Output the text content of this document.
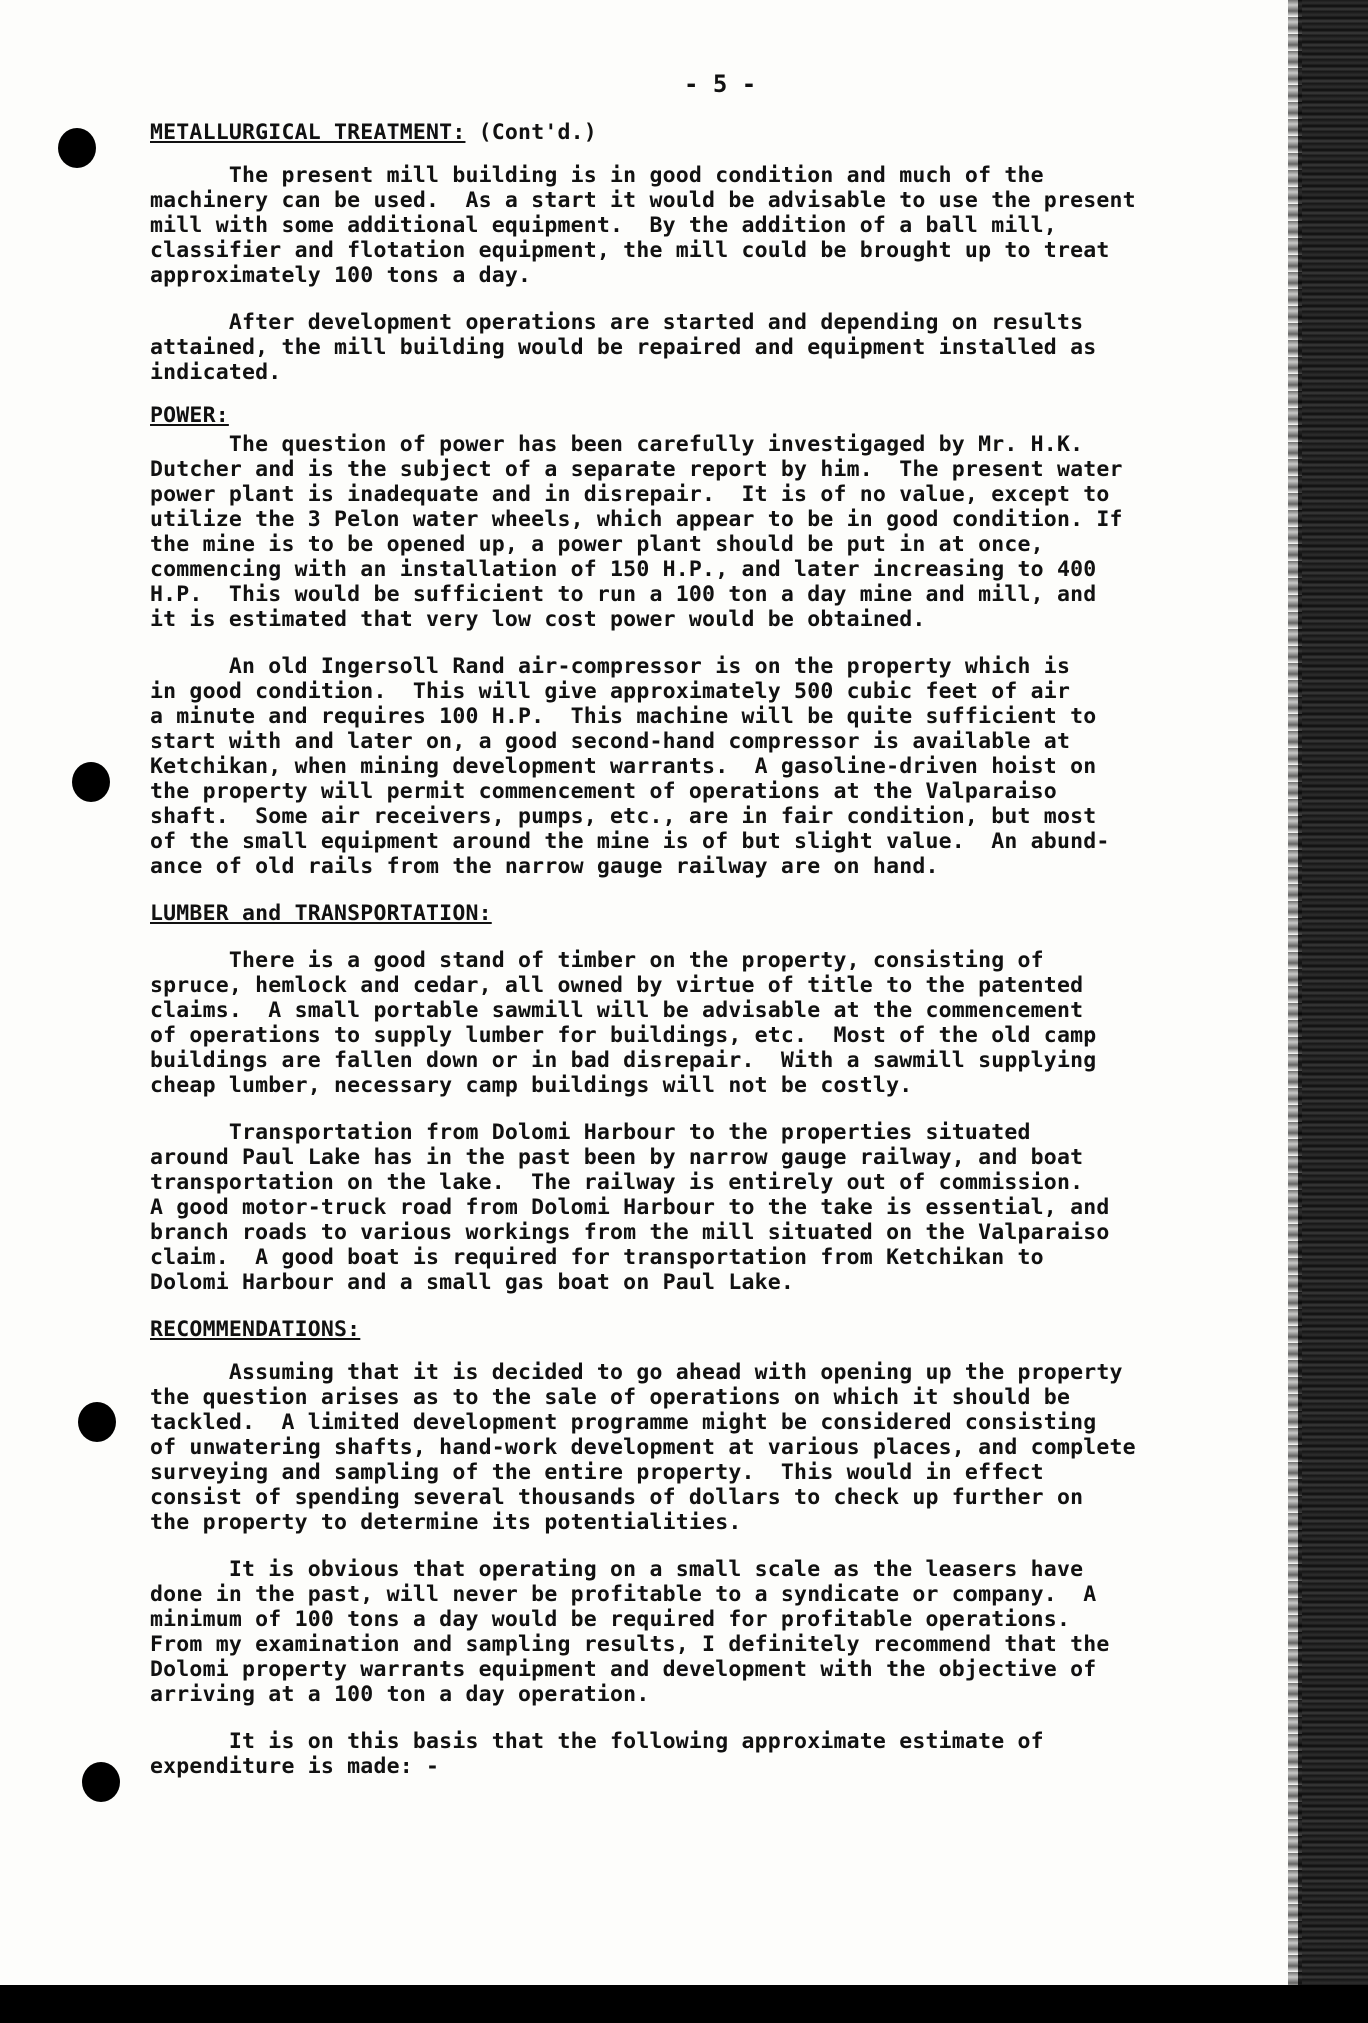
- 5 -

METALLURGICAL TREATMENT: (Cont'd.)

The present mill building is in good condition and much of the
machinery can be used.  As a start it would be advisable to use the present
mill with some additional equipment.  By the addition of a ball mill,
classifier and flotation equipment, the mill could be brought up to treat
approximately 100 tons a day.

After development operations are started and depending on results
attained, the mill building would be repaired and equipment installed as
indicated.

POWER:

The question of power has been carefully investigaged by Mr. H.K.
Dutcher and is the subject of a separate report by him.  The present water
power plant is inadequate and in disrepair.  It is of no value, except to
utilize the 3 Pelon water wheels, which appear to be in good condition. If
the mine is to be opened up, a power plant should be put in at once,
commencing with an installation of 150 H.P., and later increasing to 400
H.P.  This would be sufficient to run a 100 ton a day mine and mill, and
it is estimated that very low cost power would be obtained.

An old Ingersoll Rand air-compressor is on the property which is
in good condition.  This will give approximately 500 cubic feet of air
a minute and requires 100 H.P.  This machine will be quite sufficient to
start with and later on, a good second-hand compressor is available at
Ketchikan, when mining development warrants.  A gasoline-driven hoist on
the property will permit commencement of operations at the Valparaiso
shaft.  Some air receivers, pumps, etc., are in fair condition, but most
of the small equipment around the mine is of but slight value.  An abund-
ance of old rails from the narrow gauge railway are on hand.

LUMBER and TRANSPORTATION:

There is a good stand of timber on the property, consisting of
spruce, hemlock and cedar, all owned by virtue of title to the patented
claims.  A small portable sawmill will be advisable at the commencement
of operations to supply lumber for buildings, etc.  Most of the old camp
buildings are fallen down or in bad disrepair.  With a sawmill supplying
cheap lumber, necessary camp buildings will not be costly.

Transportation from Dolomi Harbour to the properties situated
around Paul Lake has in the past been by narrow gauge railway, and boat
transportation on the lake.  The railway is entirely out of commission.
A good motor-truck road from Dolomi Harbour to the take is essential, and
branch roads to various workings from the mill situated on the Valparaiso
claim.  A good boat is required for transportation from Ketchikan to
Dolomi Harbour and a small gas boat on Paul Lake.

RECOMMENDATIONS:

Assuming that it is decided to go ahead with opening up the property
the question arises as to the sale of operations on which it should be
tackled.  A limited development programme might be considered consisting
of unwatering shafts, hand-work development at various places, and complete
surveying and sampling of the entire property.  This would in effect
consist of spending several thousands of dollars to check up further on
the property to determine its potentialities.

It is obvious that operating on a small scale as the leasers have
done in the past, will never be profitable to a syndicate or company.  A
minimum of 100 tons a day would be required for profitable operations.
From my examination and sampling results, I definitely recommend that the
Dolomi property warrants equipment and development with the objective of
arriving at a 100 ton a day operation.

It is on this basis that the following approximate estimate of
expenditure is made: -
